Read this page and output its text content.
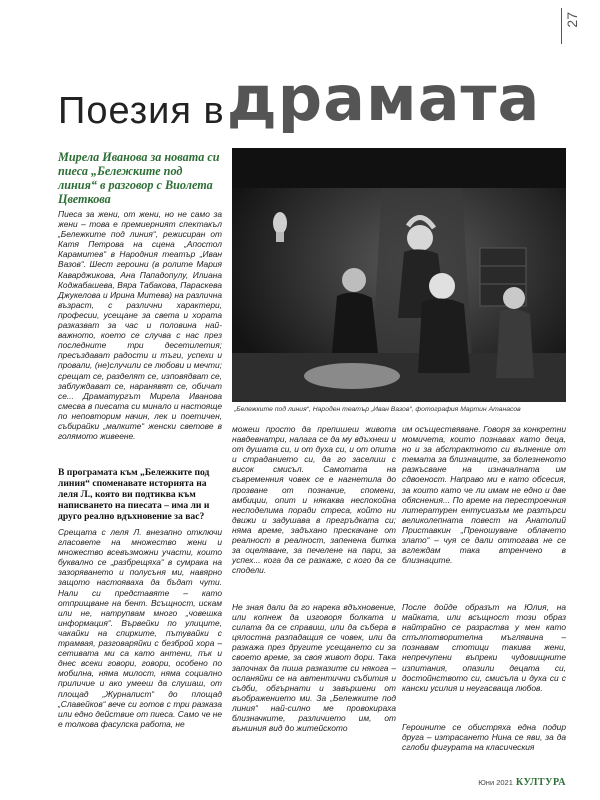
27
Поезия вдрамата

Мирела Иванова за новата си пиеса „Бележките под линия“ в разговор с Виолета Цветкова

Пиеса за жени, от жени, но не само за жени – това е премиерният спектакъл „Бележките под линия“, режисиран от Катя Петрова на сцена „Апостол Карамитев“ в Народния театър „Иван Вазов“. Шест героини (в ролите Мария Каварджикова, Ана Пападопулу, Илиана Коджабашева, Вяра Табакова, Параскева Джукелова и Ирина Митева) на различна възраст, с различни характери, професии, усещане за света и хората разказват за час и половина най-важното, което се случва с нас през последните три десетилетия; пресъздават радости и тъги, успехи и провали, (не)случили се любови и мечти; срещат се, разделят се, изповядват се, заблуждават се, наранявят се, обичат се... Драматургът Мирела Иванова смесва в пиесата си минало и настояще по неповторим начин, лек и поетичен, събирайки „малките“ женски светове в голямото живеене.

В програмата към „Бележките под линия“ споменавате историята на леля Л., която ви подтиква към написването на пиесата – има ли и друго реално вдъхновение за вас?

Срещата с леля Л. внезапно отключи гласовете на множество жени и множество всевъзможни участи, които буквално се „разбрещяха“ в сумрака на зазоряването и полусъня ми, навярно защото настояваха да бъдат чути. Нали си представяте – като отприщване на бент. Всъщност, искам или не, натрупвам много „човешка информация“. Вървейки по улиците, чакайки на спирките, пътувайки с трамвая, разговаряйки с безброй хора – сетивата ми са като антени, пък и днес всеки говори, говори, особено по мобилна, няма милост, няма социално приличие и ако умееш да слушаш, от площад „Журналист“ до площад „Славейков“ вече си готов с три разказа или едно действие от пиеса. Само че не е толкова фасулска работа, не

„Бележките под линия“, Народен театър „Иван Вазов“, фотография Мартин Атанасов

можеш просто да препишеш живота навдевнатри, налага се да му вдъхнеш и от душата си, и от духа си, и от опита и страданието си, да го заселиш с висок смисъл. Самотата на съвременния човек се е нагнетила до прозване от познание, спомени, амбиции, опит и някаква неспокойна несподелима поради стреса, който ни движи и задушава в прегръдката си; няма време, задъхано прескачане от реалност в реалност, запенена битка за оцеляване, за печелене на пари, за успех... кога да се разкаже, с кого да се сподели.

Не зная дали да го нарека вдъхновение, или копнеж да изговоря болката и силата да се справиш, или да събера в цялостна разпадащия се човек, или да разкажа през другите усещането си за своето време, за своя живот дори. Така започнах да пиша разказите си някога – осланяйки се на автентични събития и съдби, обгърнати и завършени от въображението ми. За „Бележките под линия“ най-силно ме провокираха близначките, различието им, от външния вид до житейското

им осъществяване. Говоря за конкретни момичета, които познавах като деца, но и за абстрактното си вълнение от темата за близнаците, за болезненото разкъсване на изначалната им сдвоеност. Направо ми е като обсесия, за които като че ли имам не едно и две обяснения... По време на перестроечния литературен ентусиазъм ме разтърси великолепната повест на Анатолий Приставкин „Преношуване облачето злато“ – чуя се дали оттогава не се вглеждам така втренчено в близнаците.

После дойде образът на Юлия, на майката, или всъщност този образ найтрайно се разраства у мен като стълпотворителна мъглявина – познавам стотици такива жени, непречупени въпреки чудовищните изпитания, опазили децата си, достойнството си, смисъла и духа си с кански усилия и неугасваща любов.

Героините се обистряха една подир друга – изтрасането Нина се яви, за да сглоби фигурата на класическия

Юни 2021 КУЛТУРА
